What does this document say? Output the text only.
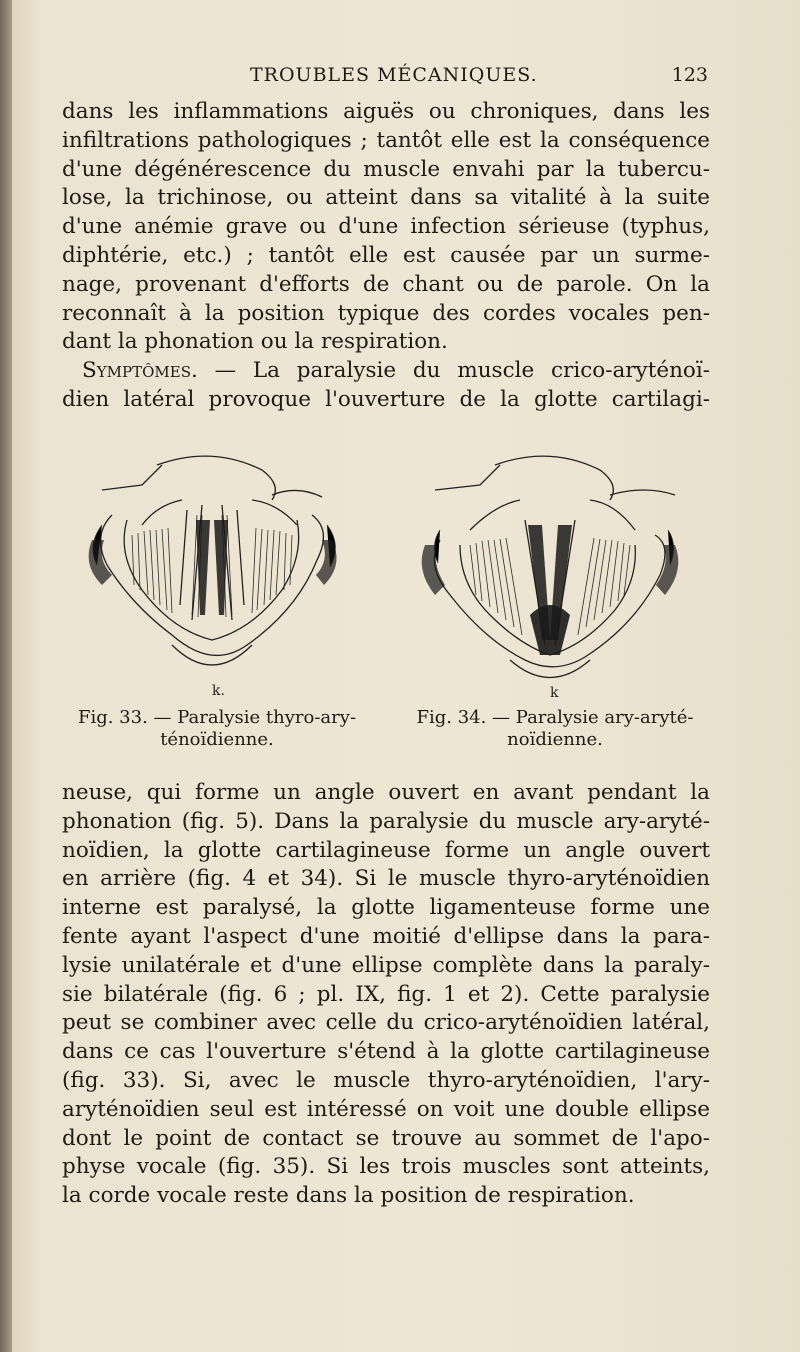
TROUBLES MÉCANIQUES.	123
dans les inflammations aiguës ou chroniques, dans les
infiltrations pathologiques ; tantôt elle est la conséquence
d'une dégénérescence du muscle envahi par la tubercu-
lose, la trichinose, ou atteint dans sa vitalité à la suite
d'une anémie grave ou d'une infection sérieuse (typhus,
diphtérie, etc.) ; tantôt elle est causée par un surme-
nage, provenant d'efforts de chant ou de parole. On la
reconnaît à la position typique des cordes vocales pen-
dant la phonation ou la respiration.
Symptômes. — La paralysie du muscle crico-aryténoï-
dien latéral provoque l'ouverture de la glotte cartilagi-
k.
Fig. 33. — Paralysie thyro-ary-
ténoïdienne.
k
Fig. 34. — Paralysie ary-aryté-
noïdienne.
neuse, qui forme un angle ouvert en avant pendant la
phonation (fig. 5). Dans la paralysie du muscle ary-aryté-
noïdien, la glotte cartilagineuse forme un angle ouvert
en arrière (fig. 4 et 34). Si le muscle thyro-aryténoïdien
interne est paralysé, la glotte ligamenteuse forme une
fente ayant l'aspect d'une moitié d'ellipse dans la para-
lysie unilatérale et d'une ellipse complète dans la paraly-
sie bilatérale (fig. 6 ; pl. IX, fig. 1 et 2). Cette paralysie
peut se combiner avec celle du crico-aryténoïdien latéral,
dans ce cas l'ouverture s'étend à la glotte cartilagineuse
(fig. 33). Si, avec le muscle thyro-aryténoïdien, l'ary-
aryténoïdien seul est intéressé on voit une double ellipse
dont le point de contact se trouve au sommet de l'apo-
physe vocale (fig. 35). Si les trois muscles sont atteints,
la corde vocale reste dans la position de respiration.
